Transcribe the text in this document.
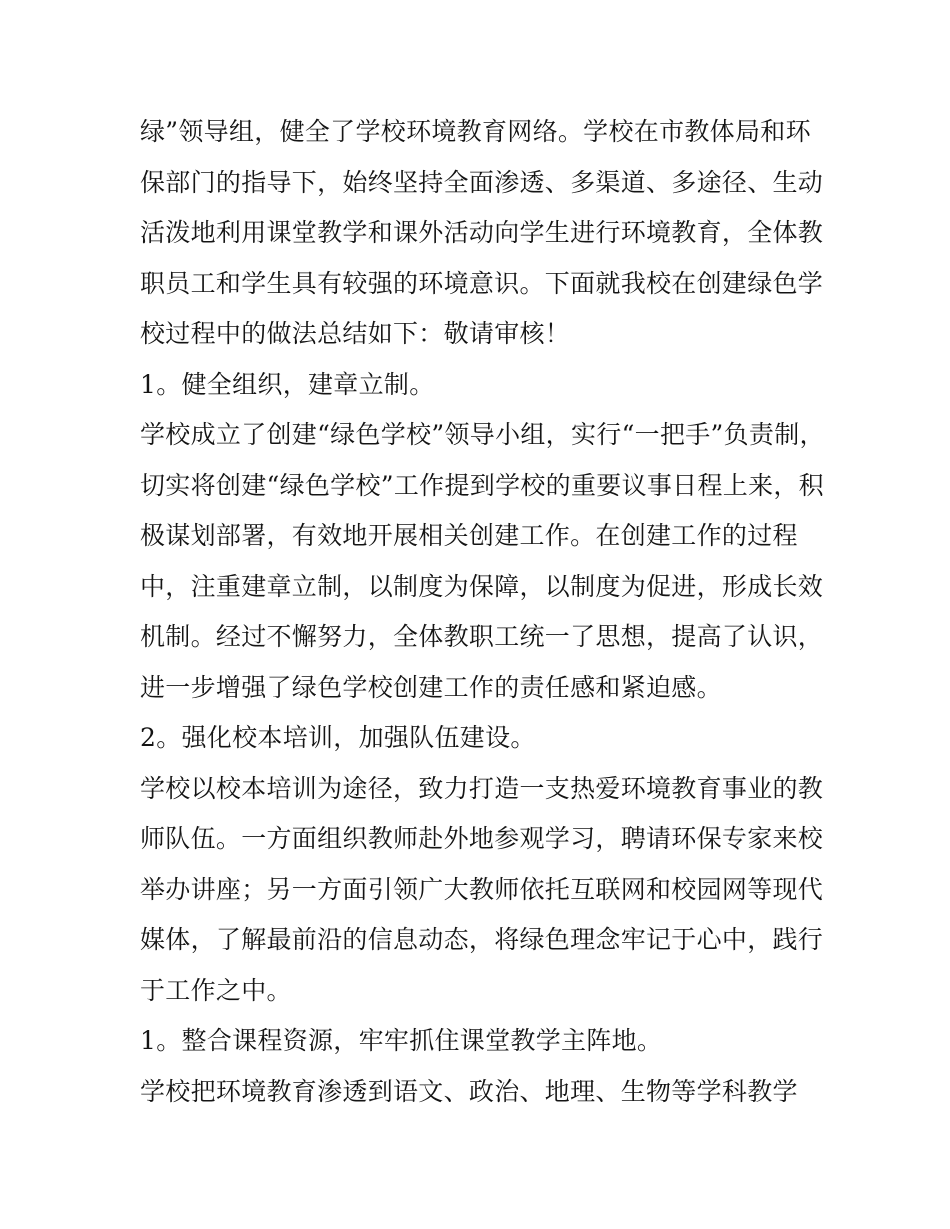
绿”领导组，健全了学校环境教育网络。学校在市教体局和环
保部门的指导下，始终坚持全面渗透、多渠道、多途径、生动
活泼地利用课堂教学和课外活动向学生进行环境教育，全体教
职员工和学生具有较强的环境意识。下面就我校在创建绿色学
校过程中的做法总结如下：敬请审核！
1。健全组织，建章立制。
学校成立了创建“绿色学校”领导小组，实行“一把手”负责制，
切实将创建“绿色学校”工作提到学校的重要议事日程上来，积
极谋划部署，有效地开展相关创建工作。在创建工作的过程
中，注重建章立制，以制度为保障，以制度为促进，形成长效
机制。经过不懈努力，全体教职工统一了思想，提高了认识，
进一步增强了绿色学校创建工作的责任感和紧迫感。
2。强化校本培训，加强队伍建设。
学校以校本培训为途径，致力打造一支热爱环境教育事业的教
师队伍。一方面组织教师赴外地参观学习，聘请环保专家来校
举办讲座；另一方面引领广大教师依托互联网和校园网等现代
媒体，了解最前沿的信息动态，将绿色理念牢记于心中，践行
于工作之中。
1。整合课程资源，牢牢抓住课堂教学主阵地。
学校把环境教育渗透到语文、政治、地理、生物等学科教学
